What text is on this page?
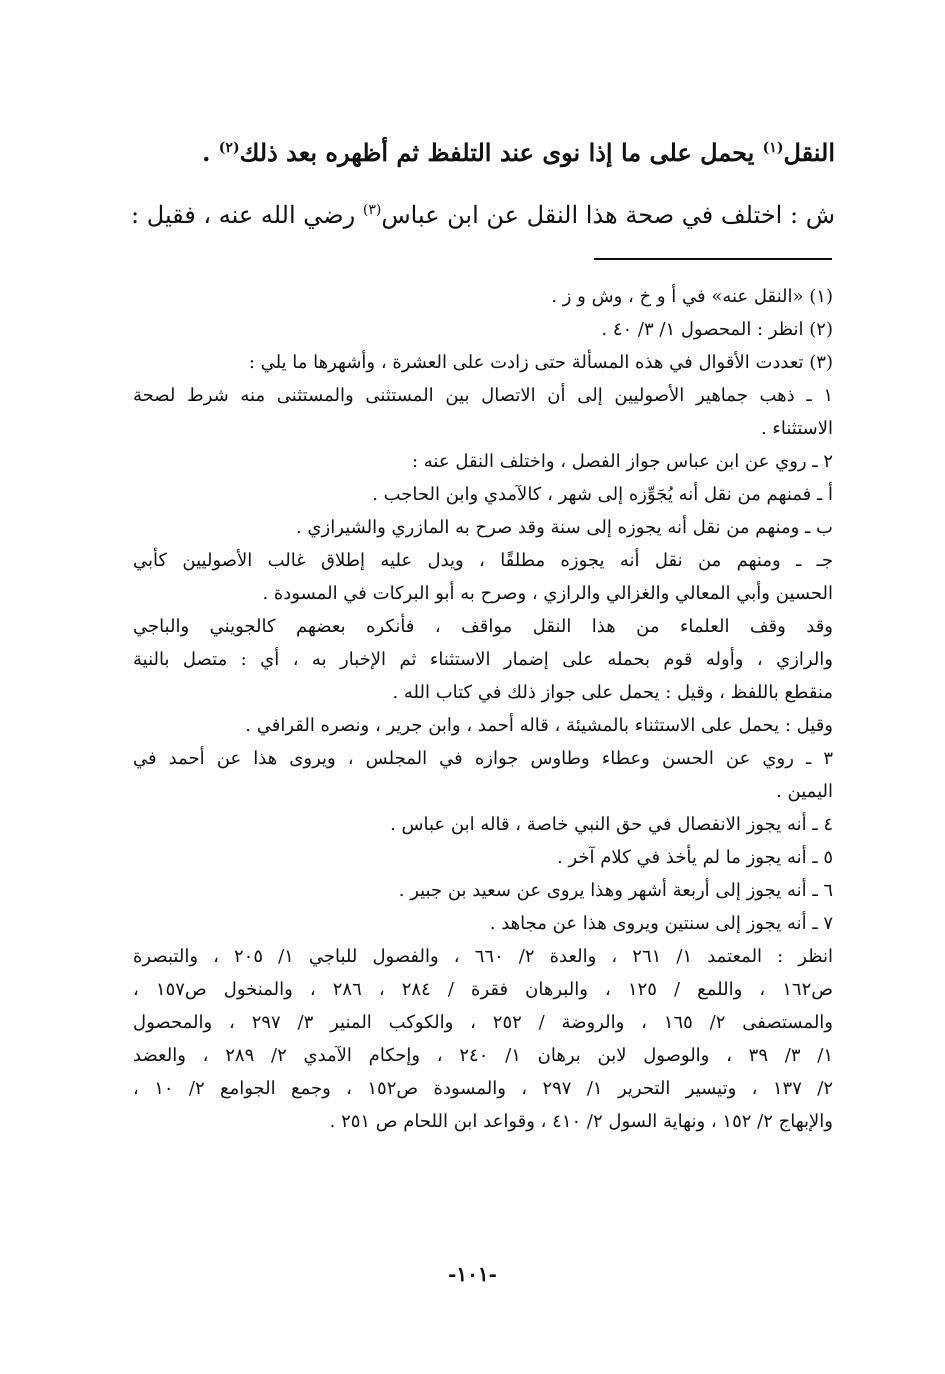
النقل$^{(١)}$ يحمل على ما إذا نوى عند التلفظ ثم أظهره بعد ذلك$^{(٢)}$ .
ش : اختلف في صحة هذا النقل عن ابن عباس$^{(٣)}$ رضي الله عنه ، فقيل :
(١) «النقل عنه» في أ و خ ، وش و ز .
(٢) انظر : المحصول ١/ ٣/ ٤٠ .
(٣) تعددت الأقوال في هذه المسألة حتى زادت على العشرة ، وأشهرها ما يلي :
١ ـ ذهب جماهير الأصوليين إلى أن الاتصال بين المستثنى والمستثنى منه شرط لصحة
الاستثناء .
٢ ـ روي عن ابن عباس جواز الفصل ، واختلف النقل عنه :
أ ـ فمنهم من نقل أنه يُجَوِّزه إلى شهر ، كالآمدي وابن الحاجب .
ب ـ ومنهم من نقل أنه يجوزه إلى سنة وقد صرح به المازري والشيرازي .
جـ ـ ومنهم من نقل أنه يجوزه مطلقًا ، ويدل عليه إطلاق غالب الأصوليين كأبي
الحسين وأبي المعالي والغزالي والرازي ، وصرح به أبو البركات في المسودة .
وقد وقف العلماء من هذا النقل مواقف ، فأنكره بعضهم كالجويني والباجي
والرازي ، وأوله قوم بحمله على إضمار الاستثناء ثم الإخبار به ، أي : متصل بالنية
منقطع باللفظ ، وقيل : يحمل على جواز ذلك في كتاب الله .
وقيل : يحمل على الاستثناء بالمشيئة ، قاله أحمد ، وابن جرير ، ونصره القرافي .
٣ ـ روي عن الحسن وعطاء وطاوس جوازه في المجلس ، ويروى هذا عن أحمد في
اليمين .
٤ ـ أنه يجوز الانفصال في حق النبي خاصة ، قاله ابن عباس .
٥ ـ أنه يجوز ما لم يأخذ في كلام آخر .
٦ ـ أنه يجوز إلى أربعة أشهر وهذا يروى عن سعيد بن جبير .
٧ ـ أنه يجوز إلى سنتين ويروى هذا عن مجاهد .
انظر : المعتمد ١/ ٢٦١ ، والعدة ٢/ ٦٦٠ ، والفصول للباجي ١/ ٢٠٥ ، والتبصرة
ص١٦٢ ، واللمع / ١٢٥ ، والبرهان فقرة / ٢٨٤ ، ٢٨٦ ، والمنخول ص١٥٧ ،
والمستصفى ٢/ ١٦٥ ، والروضة / ٢٥٢ ، والكوكب المنير ٣/ ٢٩٧ ، والمحصول
١/ ٣/ ٣٩ ، والوصول لابن برهان ١/ ٢٤٠ ، وإحكام الآمدي ٢/ ٢٨٩ ، والعضد
٢/ ١٣٧ ، وتيسير التحرير ١/ ٢٩٧ ، والمسودة ص١٥٢ ، وجمع الجوامع ٢/ ١٠ ،
والإبهاج ٢/ ١٥٢ ، ونهاية السول ٢/ ٤١٠ ، وقواعد ابن اللحام ص ٢٥١ .
-١٠١-
